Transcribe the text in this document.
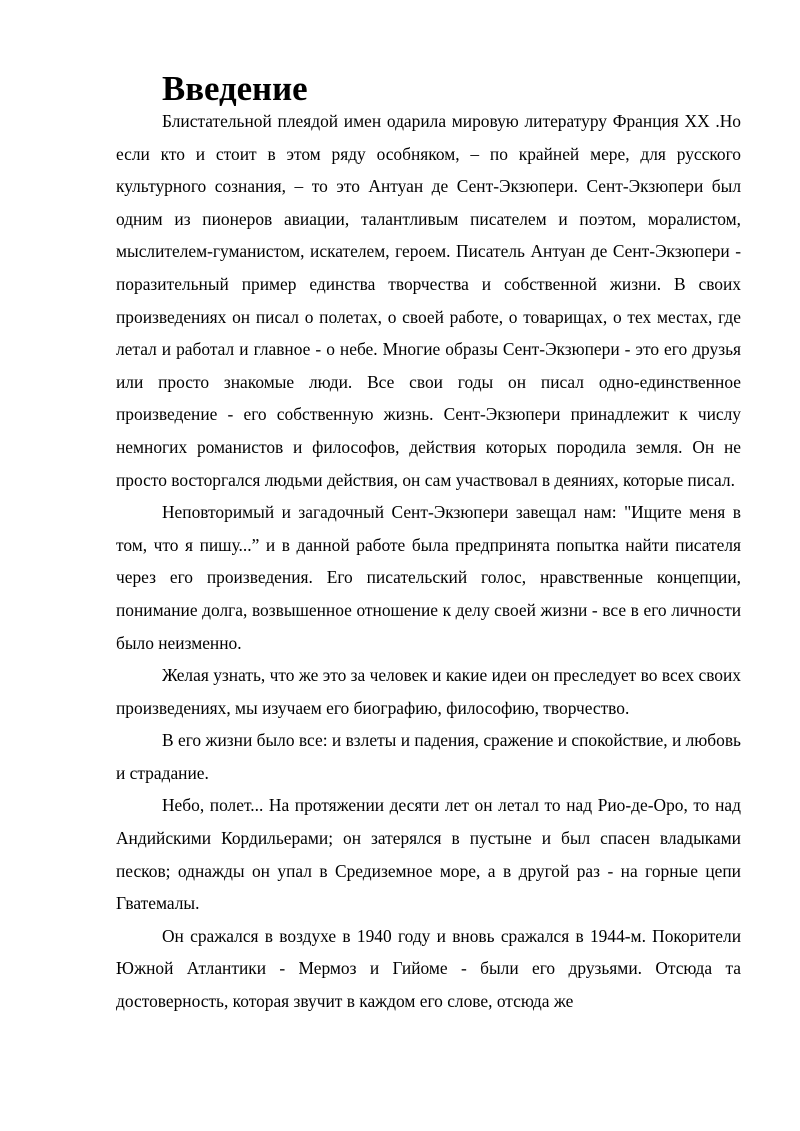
Введение

Блистательной плеядой имен одарила мировую литературу Франция XX .Но если кто и стоит в этом ряду особняком, – по крайней мере, для русского культурного сознания, – то это Антуан де Сент-Экзюпери. Сент-Экзюпери был одним из пионеров авиации, талантливым писателем и поэтом, моралистом, мыслителем-гуманистом, искателем, героем. Писатель Антуан де Сент-Экзюпери - поразительный пример единства творчества и собственной жизни. В своих произведениях он писал о полетах, о своей работе, о товарищах, о тех местах, где летал и работал и главное - о небе. Многие образы Сент-Экзюпери - это его друзья или просто знакомые люди. Все свои годы он писал одно-единственное произведение - его собственную жизнь. Сент-Экзюпери принадлежит к числу немногих романистов и философов, действия которых породила земля. Он не просто восторгался людьми действия, он сам участвовал в деяниях, которые писал.

Неповторимый и загадочный Сент-Экзюпери завещал нам: "Ищите меня в том, что я пишу...” и в данной работе была предпринята попытка найти писателя через его произведения. Его писательский голос, нравственные концепции, понимание долга, возвышенное отношение к делу своей жизни - все в его личности было неизменно.

Желая узнать, что же это за человек и какие идеи он преследует во всех своих произведениях, мы изучаем его биографию, философию, творчество.

В его жизни было все: и взлеты и падения, сражение и спокойствие, и любовь и страдание.

Небо, полет... На протяжении десяти лет он летал то над Рио-де-Оро, то над Андийскими Кордильерами; он затерялся в пустыне и был спасен владыками песков; однажды он упал в Средиземное море, а в другой раз - на горные цепи Гватемалы.

Он сражался в воздухе в 1940 году и вновь сражался в 1944-м. Покорители Южной Атлантики - Мермоз и Гийоме - были его друзьями. Отсюда та достоверность, которая звучит в каждом его слове, отсюда же
